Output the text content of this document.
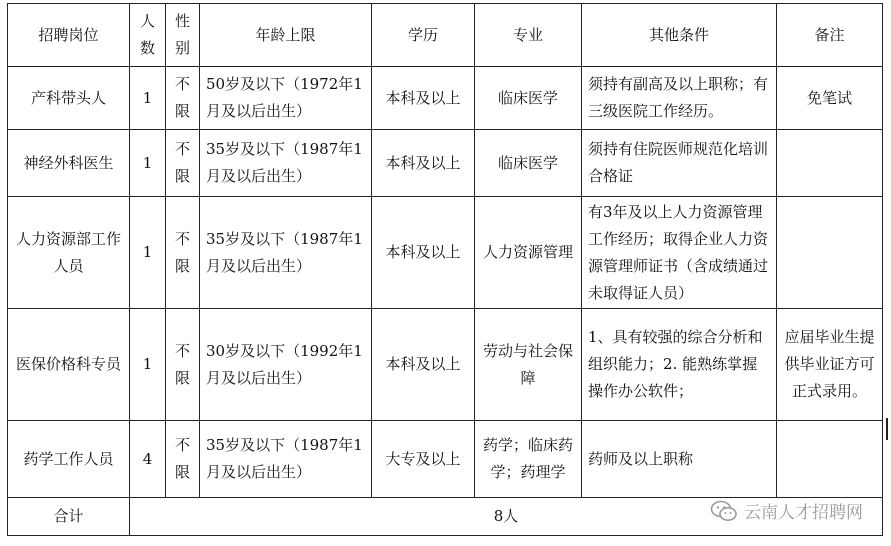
招聘岗位	人数	性别	年龄上限	学历	专业	其他条件	备注
产科带头人	1	不限	50岁及以下（1972年1月及以后出生）	本科及以上	临床医学	须持有副高及以上职称；有三级医院工作经历。	免笔试
神经外科医生	1	不限	35岁及以下（1987年1月及以后出生）	本科及以上	临床医学	须持有住院医师规范化培训合格证	
人力资源部工作人员	1	不限	35岁及以下（1987年1月及以后出生）	本科及以上	人力资源管理	有3年及以上人力资源管理工作经历；取得企业人力资源管理师证书（含成绩通过未取得证人员）	
医保价格科专员	1	不限	30岁及以下（1992年1月及以后出生）	本科及以上	劳动与社会保障	1、具有较强的综合分析和组织能力；2. 能熟练掌握操作办公软件；	应届毕业生提供毕业证方可正式录用。
药学工作人员	4	不限	35岁及以下（1987年1月及以后出生）	大专及以上	药学；临床药学；药理学	药师及以上职称	
合计	8人							云南人才招聘网
